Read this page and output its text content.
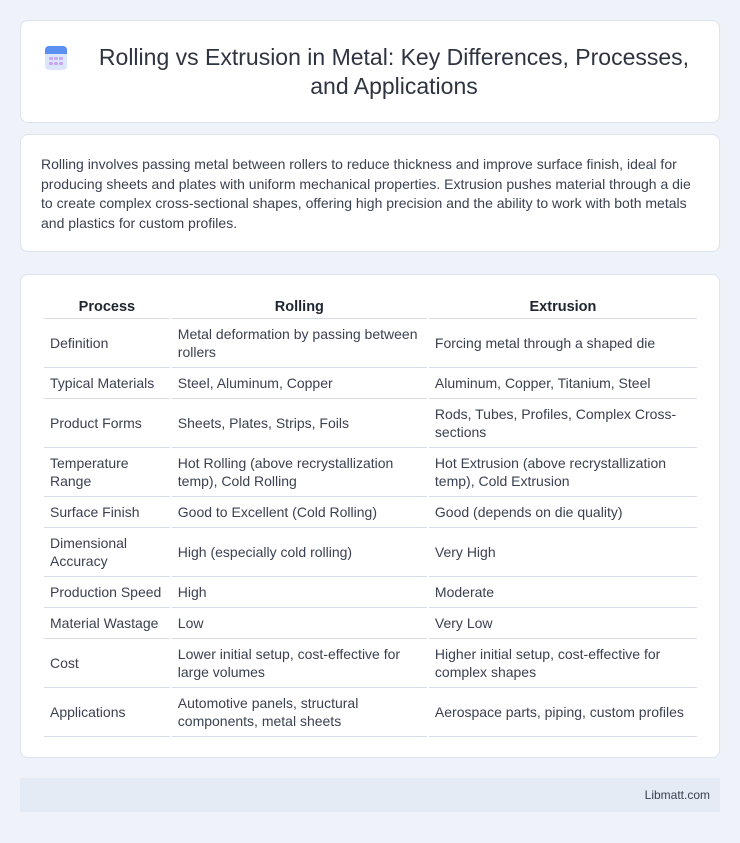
Rolling vs Extrusion in Metal: Key Differences, Processes, and Applications

Rolling involves passing metal between rollers to reduce thickness and improve surface finish, ideal for producing sheets and plates with uniform mechanical properties. Extrusion pushes material through a die to create complex cross-sectional shapes, offering high precision and the ability to work with both metals and plastics for custom profiles.

Process	Rolling	Extrusion
Definition	Metal deformation by passing between rollers	Forcing metal through a shaped die
Typical Materials	Steel, Aluminum, Copper	Aluminum, Copper, Titanium, Steel
Product Forms	Sheets, Plates, Strips, Foils	Rods, Tubes, Profiles, Complex Cross-sections
Temperature Range	Hot Rolling (above recrystallization temp), Cold Rolling	Hot Extrusion (above recrystallization temp), Cold Extrusion
Surface Finish	Good to Excellent (Cold Rolling)	Good (depends on die quality)
Dimensional Accuracy	High (especially cold rolling)	Very High
Production Speed	High	Moderate
Material Wastage	Low	Very Low
Cost	Lower initial setup, cost-effective for large volumes	Higher initial setup, cost-effective for complex shapes
Applications	Automotive panels, structural components, metal sheets	Aerospace parts, piping, custom profiles
Libmatt.com
